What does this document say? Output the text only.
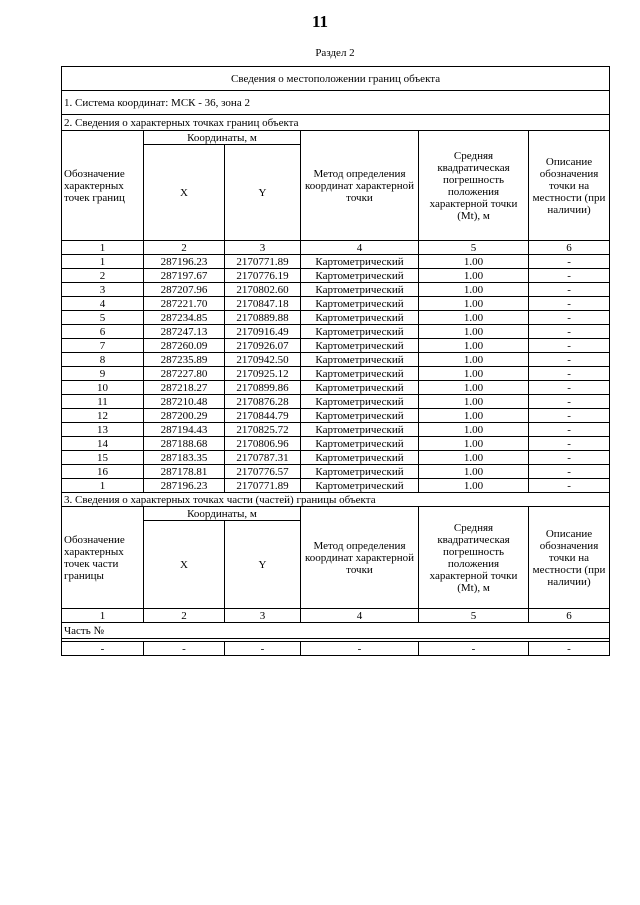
11
Раздел 2
Сведения о местоположении границ объекта					
1. Система координат: МСК - 36, зона 2					
2. Сведения о характерных точках границ объекта					
Обозначение характерных точек границ	Координаты, м		Метод определения координат характерной точки	Средняя квадратическая погрешность положения характерной точки (Mt), м	Описание обозначения точки на местности (при наличии)
	X	Y			
1	2	3	4	5	6
1	287196.23	2170771.89	Картометрический	1.00	-
2	287197.67	2170776.19	Картометрический	1.00	-
3	287207.96	2170802.60	Картометрический	1.00	-
4	287221.70	2170847.18	Картометрический	1.00	-
5	287234.85	2170889.88	Картометрический	1.00	-
6	287247.13	2170916.49	Картометрический	1.00	-
7	287260.09	2170926.07	Картометрический	1.00	-
8	287235.89	2170942.50	Картометрический	1.00	-
9	287227.80	2170925.12	Картометрический	1.00	-
10	287218.27	2170899.86	Картометрический	1.00	-
11	287210.48	2170876.28	Картометрический	1.00	-
12	287200.29	2170844.79	Картометрический	1.00	-
13	287194.43	2170825.72	Картометрический	1.00	-
14	287188.68	2170806.96	Картометрический	1.00	-
15	287183.35	2170787.31	Картометрический	1.00	-
16	287178.81	2170776.57	Картометрический	1.00	-
1	287196.23	2170771.89	Картометрический	1.00	-
3. Сведения о характерных точках части (частей) границы объекта					
Обозначение характерных точек части границы	Координаты, м		Метод определения координат характерной точки	Средняя квадратическая погрешность положения характерной точки (Mt), м	Описание обозначения точки на местности (при наличии)
	X	Y			
1	2	3	4	5	6
Часть №					

-	-	-	-	-	-
